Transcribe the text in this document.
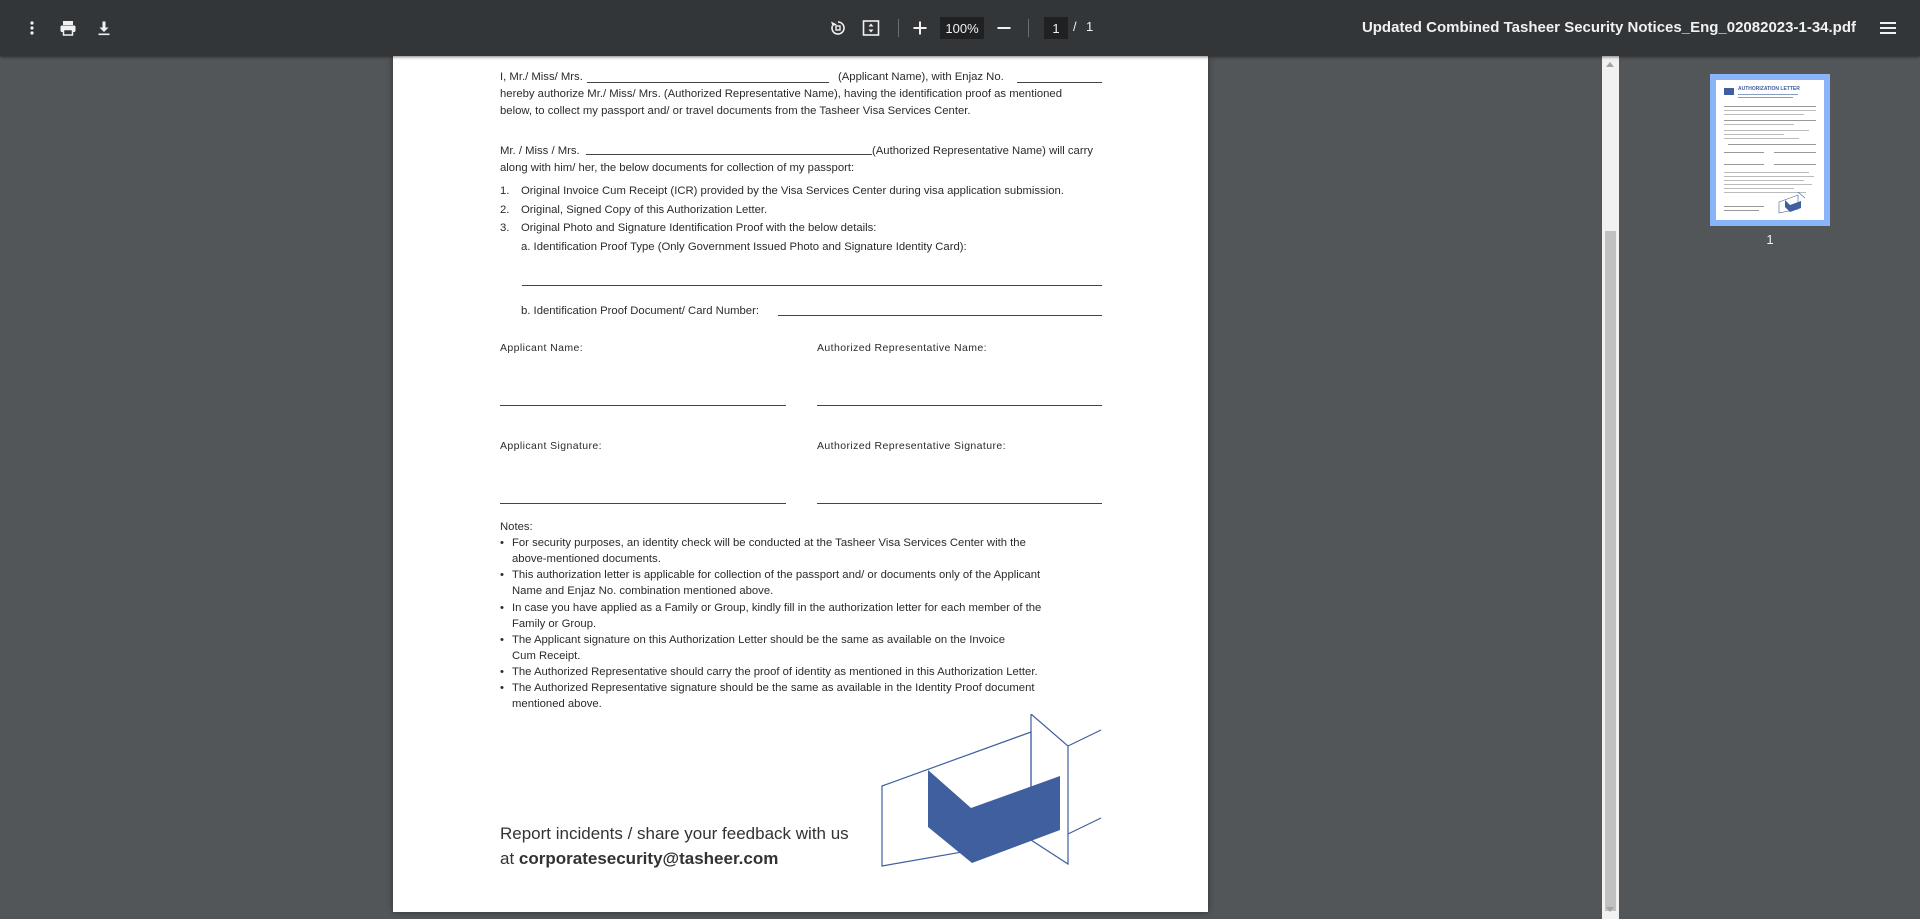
100%	1	/ 1	Updated Combined Tasheer Security Notices_Eng_02082023-1-34.pdf
I, Mr./ Miss/ Mrs.	(Applicant Name), with Enjaz No.
hereby authorize Mr./ Miss/ Mrs. (Authorized Representative Name), having the identification proof as mentioned
below, to collect my passport and/ or travel documents from the Tasheer Visa Services Center.
Mr. / Miss / Mrs.	(Authorized Representative Name) will carry
along with him/ her, the below documents for collection of my passport:
1. Original Invoice Cum Receipt (ICR) provided by the Visa Services Center during visa application submission.
2. Original, Signed Copy of this Authorization Letter.
3. Original Photo and Signature Identification Proof with the below details:
a. Identification Proof Type (Only Government Issued Photo and Signature Identity Card):
b. Identification Proof Document/ Card Number:
Applicant Name:	Authorized Representative Name:
Applicant Signature:	Authorized Representative Signature:
Notes:
• For security purposes, an identity check will be conducted at the Tasheer Visa Services Center with the
above-mentioned documents.
• This authorization letter is applicable for collection of the passport and/ or documents only of the Applicant
Name and Enjaz No. combination mentioned above.
• In case you have applied as a Family or Group, kindly fill in the authorization letter for each member of the
Family or Group.
• The Applicant signature on this Authorization Letter should be the same as available on the Invoice
Cum Receipt.
• The Authorized Representative should carry the proof of identity as mentioned in this Authorization Letter.
• The Authorized Representative signature should be the same as available in the Identity Proof document
mentioned above.
Report incidents / share your feedback with us
at corporatesecurity@tasheer.com
AUTHORIZATION LETTER
1
